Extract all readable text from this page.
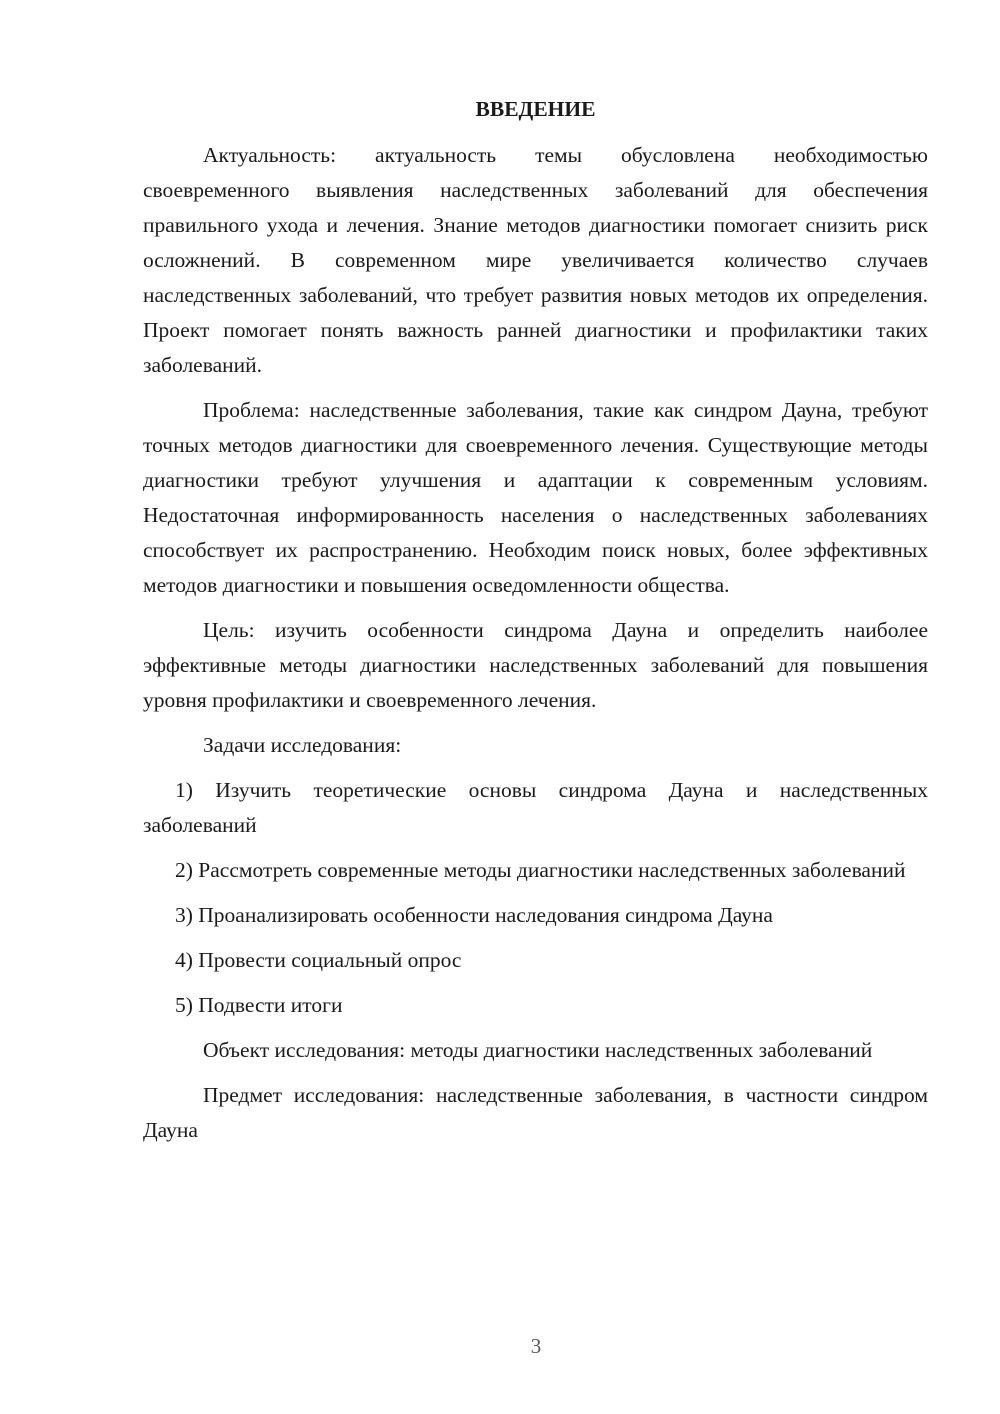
ВВЕДЕНИЕ

Актуальность: актуальность темы обусловлена необходимостью своевременного выявления наследственных заболеваний для обеспечения правильного ухода и лечения. Знание методов диагностики помогает снизить риск осложнений. В современном мире увеличивается количество случаев наследственных заболеваний, что требует развития новых методов их определения. Проект помогает понять важность ранней диагностики и профилактики таких заболеваний.

Проблема: наследственные заболевания, такие как синдром Дауна, требуют точных методов диагностики для своевременного лечения. Существующие методы диагностики требуют улучшения и адаптации к современным условиям. Недостаточная информированность населения о наследственных заболеваниях способствует их распространению. Необходим поиск новых, более эффективных методов диагностики и повышения осведомленности общества.

Цель: изучить особенности синдрома Дауна и определить наиболее эффективные методы диагностики наследственных заболеваний для повышения уровня профилактики и своевременного лечения.

Задачи исследования:

1) Изучить теоретические основы синдрома Дауна и наследственных заболеваний

2) Рассмотреть современные методы диагностики наследственных заболеваний

3) Проанализировать особенности наследования синдрома Дауна

4) Провести социальный опрос

5) Подвести итоги

Объект исследования: методы диагностики наследственных заболеваний

Предмет исследования: наследственные заболевания, в частности синдром Дауна

3
